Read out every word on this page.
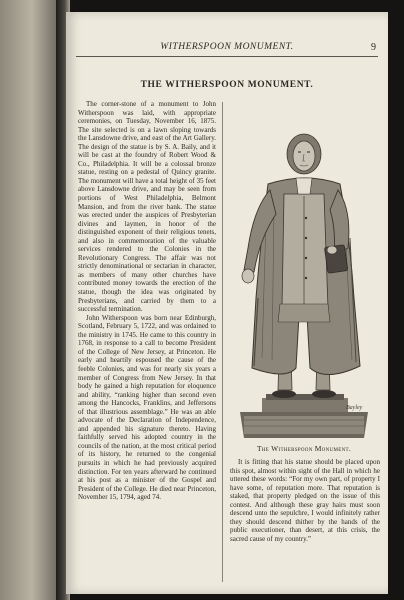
WITHERSPOON MONUMENT.	9
THE WITHERSPOON MONUMENT.

The corner-stone of a monument to John Witherspoon was laid, with appropriate ceremonies, on Tuesday, November 16, 1875. The site selected is on a lawn sloping towards the Lansdowne drive, and east of the Art Gallery. The design of the statue is by S. A. Baily, and it will be cast at the foundry of Robert Wood & Co., Philadelphia. It will be a colossal bronze statue, resting on a pedestal of Quincy granite. The monument will have a total height of 35 feet above Lansdowne drive, and may be seen from portions of West Philadelphia, Belmont Mansion, and from the river bank. The statue was erected under the auspices of Presbyterian divines and laymen, in honor of the distinguished exponent of their religious tenets, and also in commemoration of the valuable services rendered to the Colonies in the Revolutionary Congress. The affair was not strictly denominational or sectarian in character, as members of many other churches have contributed money towards the erection of the statue, though the idea was originated by Presbyterians, and carried by them to a successful termination.

John Witherspoon was born near Edinburgh, Scotland, February 5, 1722, and was ordained to the ministry in 1745. He came to this country in 1768, in response to a call to become President of the College of New Jersey, at Princeton. He early and heartily espoused the cause of the feeble Colonies, and was for nearly six years a member of Congress from New Jersey. In that body he gained a high reputation for eloquence and ability, “ranking higher than second even among the Hancocks, Franklins, and Jeffersons of that illustrious assemblage.” He was an able advocate of the Declaration of Independence, and appended his signature thereto. Having faithfully served his adopted country in the councils of the nation, at the most critical period of its history, he returned to the congenial pursuits in which he had previously acquired distinction. For ten years afterward he continued at his post as a minister of the Gospel and President of the College. He died near Princeton, November 15, 1794, aged 74.

Bayley
The Witherspoon Monument.

It is fitting that his statue should be placed upon this spot, almost within sight of the Hall in which he uttered these words: “For my own part, of property I have some, of reputation more. That reputation is staked, that property pledged on the issue of this contest. And although these gray hairs must soon descend unto the sepulchre, I would infinitely rather they should descend thither by the hands of the public executioner, than desert, at this crisis, the sacred cause of my country.”
